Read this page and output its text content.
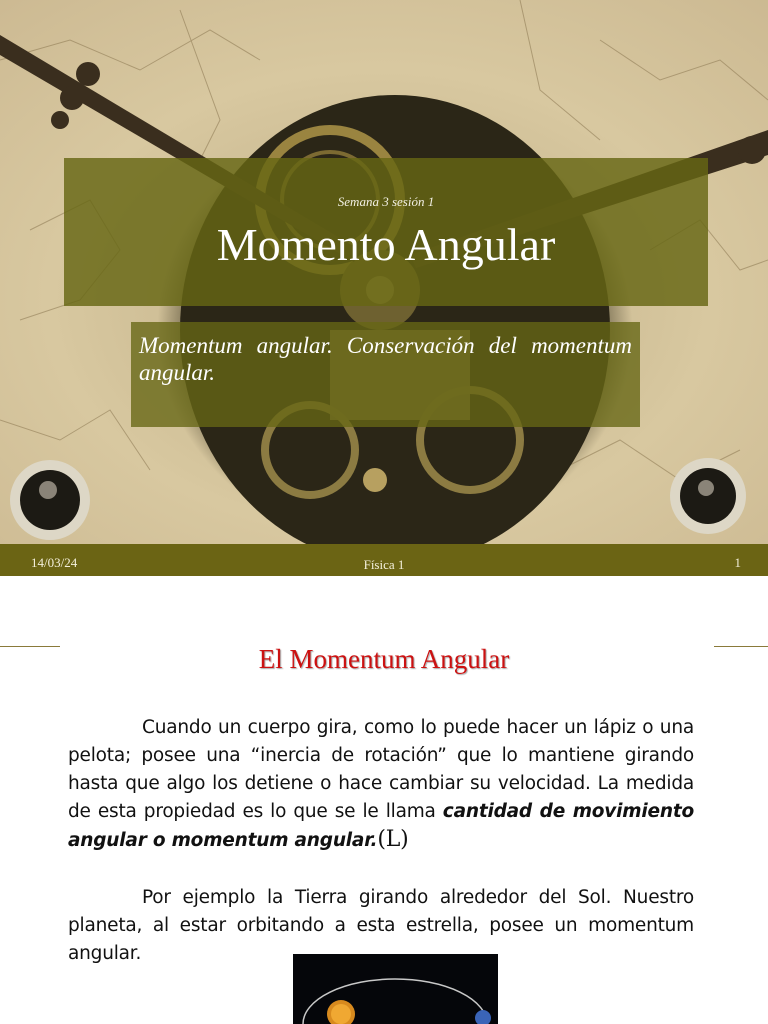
Semana 3 sesión 1
Momento Angular
Momentum angular. Conservación del momentum angular.
14/03/24	Física 1	1
El Momentum Angular

Cuando un cuerpo gira, como lo puede hacer un lápiz o una pelota; posee una “inercia de rotación” que lo mantiene girando hasta que algo los detiene o hace cambiar su velocidad. La medida de esta propiedad es lo que se le llama cantidad de movimiento angular o momentum angular.(L)

Por ejemplo la Tierra girando alrededor del Sol. Nuestro planeta, al estar orbitando a esta estrella, posee un momentum angular.
